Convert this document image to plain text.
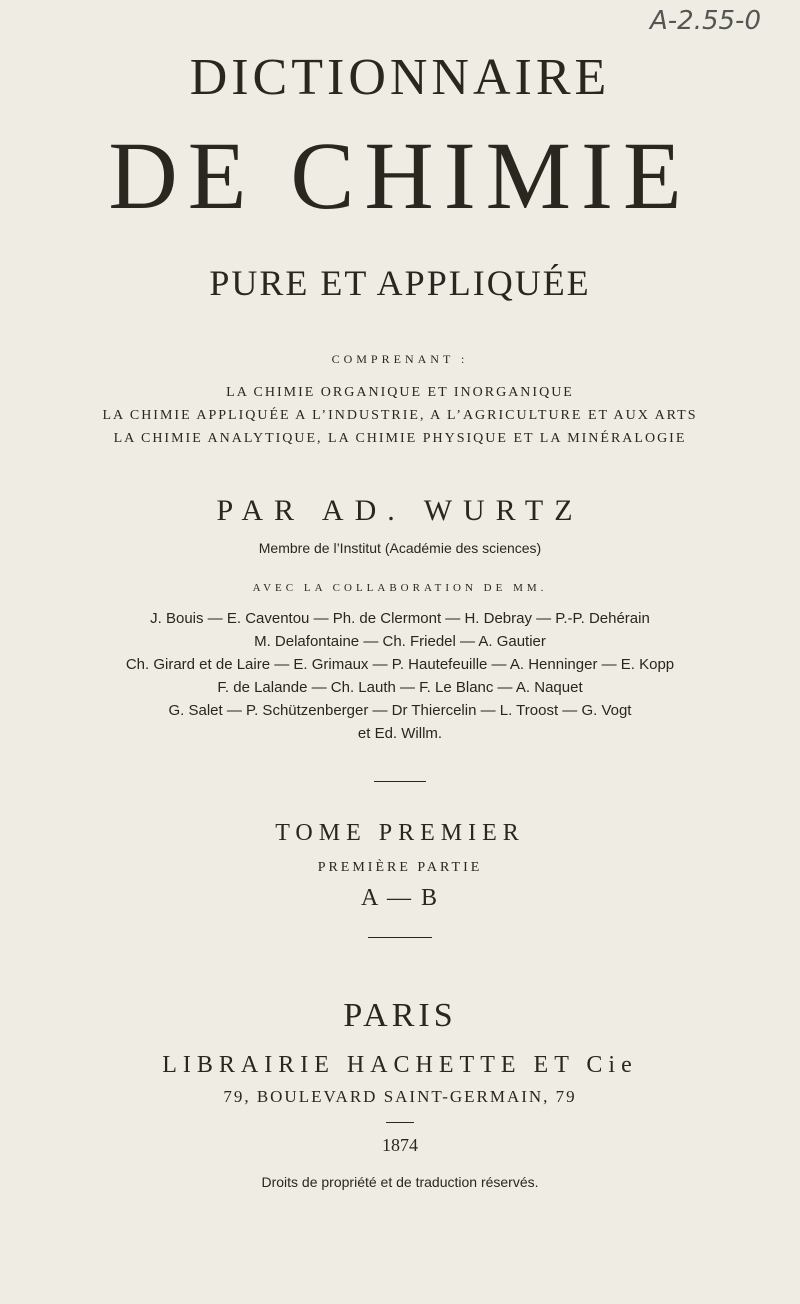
A-2.55-0
DICTIONNAIRE
DE CHIMIE
PURE ET APPLIQUÉE
COMPRENANT :
LA CHIMIE ORGANIQUE ET INORGANIQUE
LA CHIMIE APPLIQUÉE A L’INDUSTRIE, A L’AGRICULTURE ET AUX ARTS
LA CHIMIE ANALYTIQUE, LA CHIMIE PHYSIQUE ET LA MINÉRALOGIE
PAR AD. WURTZ
Membre de l’Institut (Académie des sciences)
AVEC LA COLLABORATION DE MM.
J. Bouis — E. Caventou — Ph. de Clermont — H. Debray — P.-P. Dehérain
M. Delafontaine — Ch. Friedel — A. Gautier
Ch. Girard et de Laire — E. Grimaux — P. Hautefeuille — A. Henninger — E. Kopp
F. de Lalande — Ch. Lauth — F. Le Blanc — A. Naquet
G. Salet — P. Schützenberger — Dr Thiercelin — L. Troost — G. Vogt
et Ed. Willm.
TOME PREMIER
PREMIÈRE PARTIE
A — B
PARIS
LIBRAIRIE HACHETTE ET Cie
79, BOULEVARD SAINT-GERMAIN, 79
1874
Droits de propriété et de traduction réservés.
